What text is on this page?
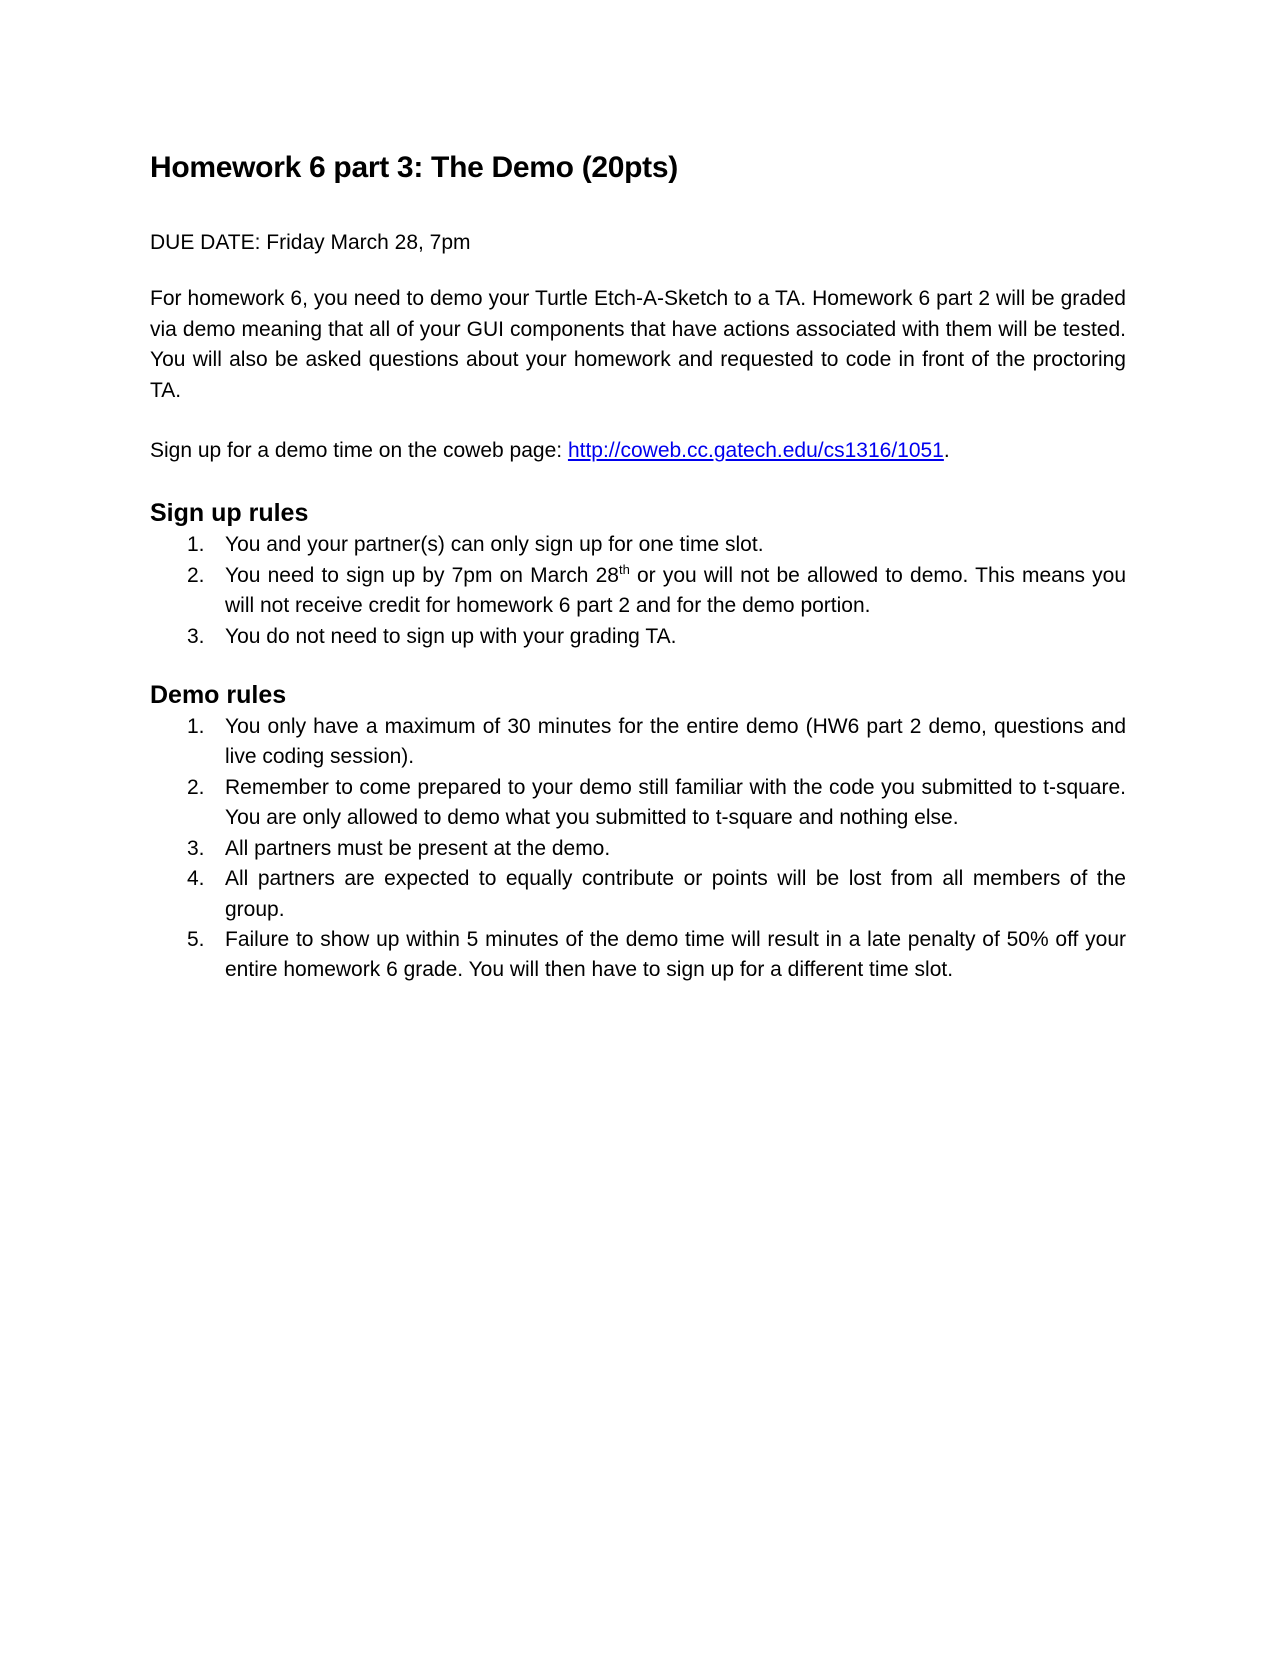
Homework 6 part 3: The Demo (20pts)
DUE DATE: Friday March 28, 7pm
For homework 6, you need to demo your Turtle Etch-A-Sketch to a TA. Homework 6 part 2 will be graded via demo meaning that all of your GUI components that have actions associated with them will be tested. You will also be asked questions about your homework and requested to code in front of the proctoring TA.
Sign up for a demo time on the coweb page: http://coweb.cc.gatech.edu/cs1316/1051.
Sign up rules
1. You and your partner(s) can only sign up for one time slot.
2. You need to sign up by 7pm on March 28th or you will not be allowed to demo. This means you will not receive credit for homework 6 part 2 and for the demo portion.
3. You do not need to sign up with your grading TA.
Demo rules
1. You only have a maximum of 30 minutes for the entire demo (HW6 part 2 demo, questions and live coding session).
2. Remember to come prepared to your demo still familiar with the code you submitted to t-square. You are only allowed to demo what you submitted to t-square and nothing else.
3. All partners must be present at the demo.
4. All partners are expected to equally contribute or points will be lost from all members of the group.
5. Failure to show up within 5 minutes of the demo time will result in a late penalty of 50% off your entire homework 6 grade. You will then have to sign up for a different time slot.
